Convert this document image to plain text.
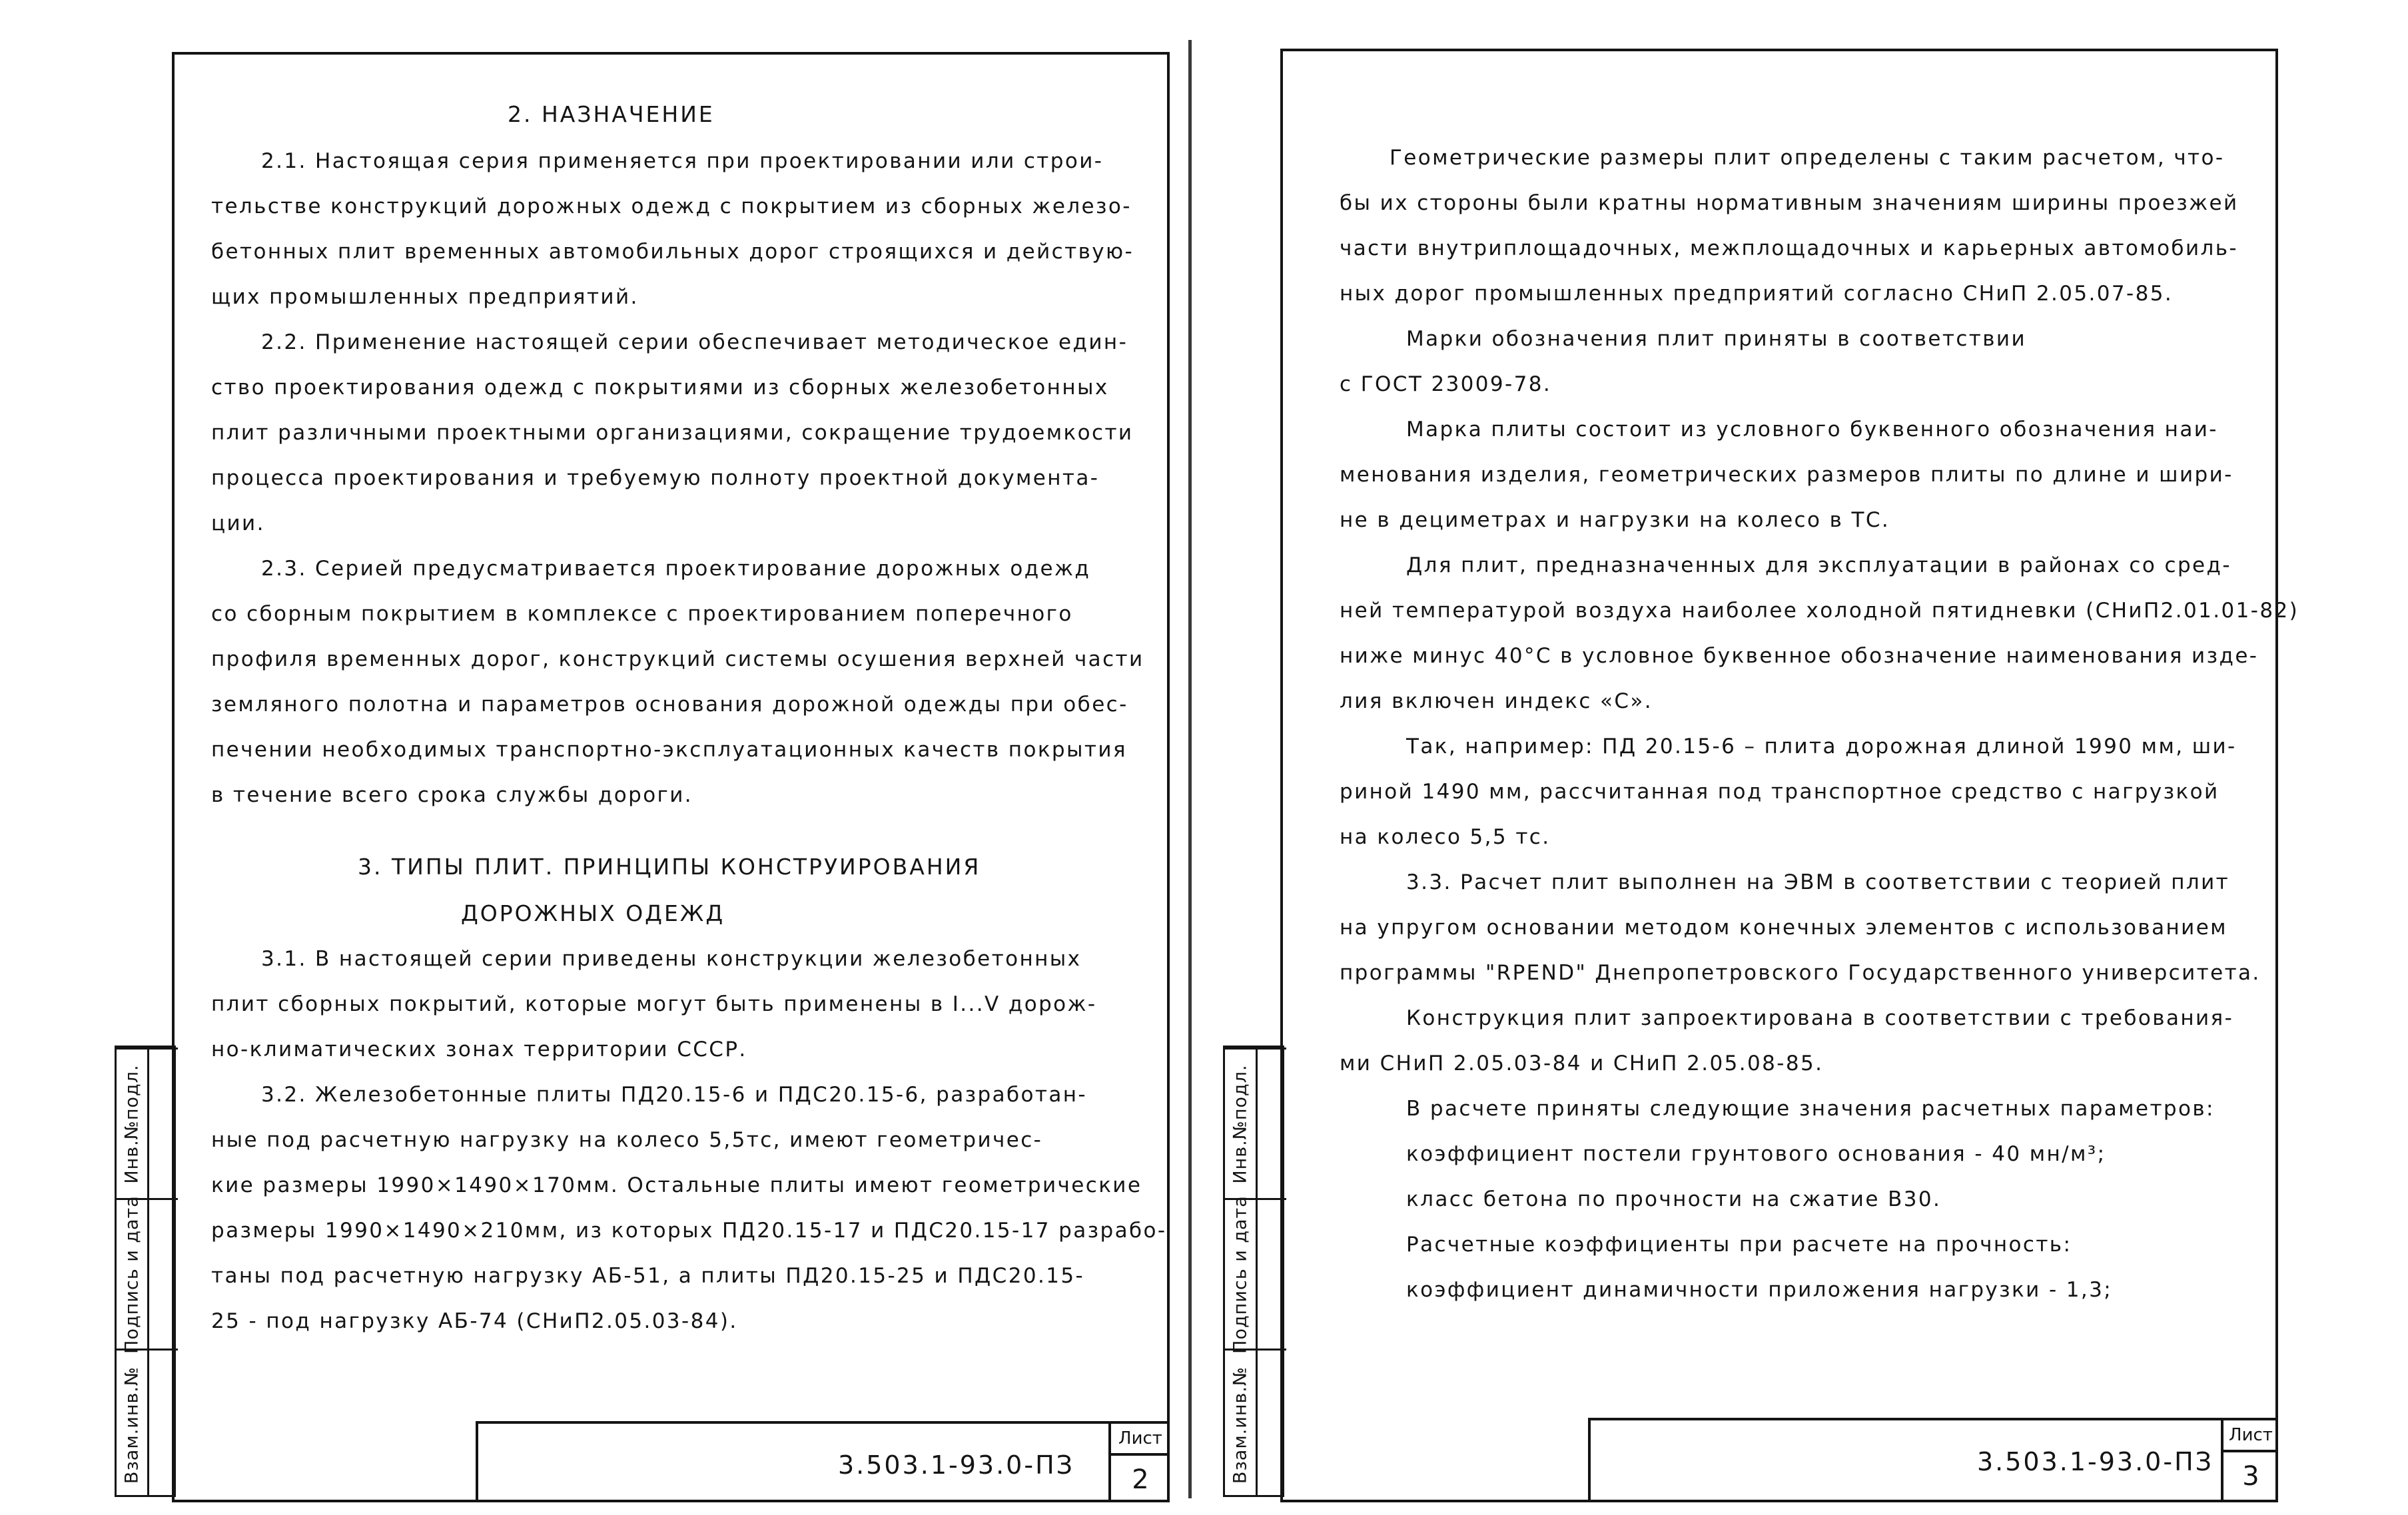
2. НАЗНАЧЕНИЕ
2.1. Настоящая серия применяется при проектировании или строи-
тельстве конструкций дорожных одежд с покрытием из сборных железо-
бетонных плит временных автомобильных дорог строящихся и действую-
щих промышленных предприятий.
2.2. Применение настоящей серии обеспечивает методическое един-
ство проектирования одежд с покрытиями из сборных железобетонных
плит различными проектными организациями, сокращение трудоемкости
процесса проектирования и требуемую полноту проектной документа-
ции.
2.3. Серией предусматривается проектирование дорожных одежд
со сборным покрытием в комплексе с проектированием поперечного
профиля временных дорог, конструкций системы осушения верхней части
земляного полотна и параметров основания дорожной одежды при обес-
печении необходимых транспортно-эксплуатационных качеств покрытия
в течение всего срока службы дороги.
3. ТИПЫ ПЛИТ. ПРИНЦИПЫ КОНСТРУИРОВАНИЯ
ДОРОЖНЫХ ОДЕЖД
3.1. В настоящей серии приведены конструкции железобетонных
плит сборных покрытий, которые могут быть применены в I...V дорож-
но-климатических зонах территории СССР.
3.2. Железобетонные плиты ПД20.15-6 и ПДС20.15-6, разработан-
ные под расчетную нагрузку на колесо 5,5тс, имеют геометричес-
кие размеры 1990×1490×170мм. Остальные плиты имеют геометрические
размеры 1990×1490×210мм, из которых ПД20.15-17 и ПДС20.15-17 разрабо-
таны под расчетную нагрузку АБ-51, а плиты ПД20.15-25 и ПДС20.15-
25 - под нагрузку АБ-74 (СНиП2.05.03-84).
3.503.1-93.0-ПЗ
Лист
2
Инв.№подл.
Подпись и дата
Взам.инв.№
Геометрические размеры плит определены с таким расчетом, что-
бы их стороны были кратны нормативным значениям ширины проезжей
части внутриплощадочных, межплощадочных и карьерных автомобиль-
ных дорог промышленных предприятий согласно СНиП 2.05.07-85.
Марки обозначения плит приняты в соответствии
с ГОСТ 23009-78.
Марка плиты состоит из условного буквенного обозначения наи-
менования изделия, геометрических размеров плиты по длине и шири-
не в дециметрах и нагрузки на колесо в ТС.
Для плит, предназначенных для эксплуатации в районах со сред-
ней температурой воздуха наиболее холодной пятидневки (СНиП2.01.01-82)
ниже минус 40°С в условное буквенное обозначение наименования изде-
лия включен индекс «С».
Так, например: ПД 20.15-6 – плита дорожная длиной 1990 мм, ши-
риной 1490 мм, рассчитанная под транспортное средство с нагрузкой
на колесо 5,5 тс.
3.3. Расчет плит выполнен на ЭВМ в соответствии с теорией плит
на упругом основании методом конечных элементов с использованием
программы "RPEND" Днепропетровского Государственного университета.
Конструкция плит запроектирована в соответствии с требования-
ми СНиП 2.05.03-84 и СНиП 2.05.08-85.
В расчете приняты следующие значения расчетных параметров:
коэффициент постели грунтового основания - 40 мн/м³;
класс бетона по прочности на сжатие В30.
Расчетные коэффициенты при расчете на прочность:
коэффициент динамичности приложения нагрузки - 1,3;
3.503.1-93.0-ПЗ
Лист
3
Инв.№подл.
Подпись и дата
Взам.инв.№
